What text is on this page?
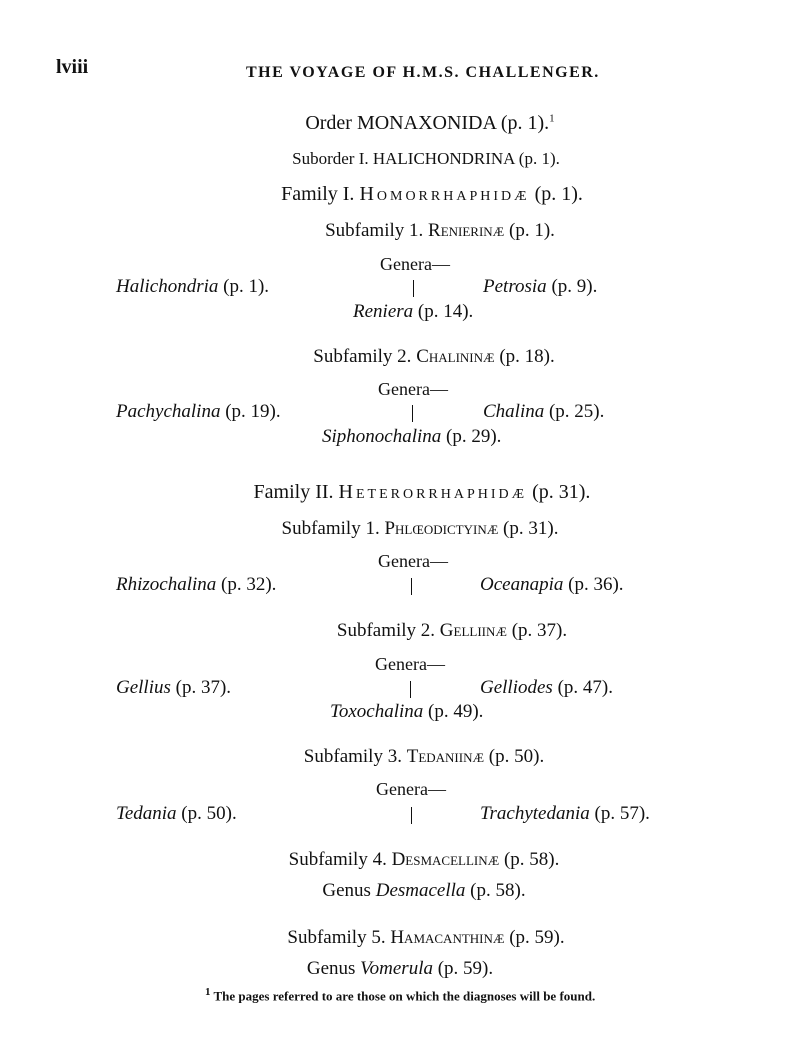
lviii	THE VOYAGE OF H.M.S. CHALLENGER.
Order MONAXONIDA (p. 1).$^1$
Suborder I. HALICHONDRINA (p. 1).
Family I. Homorrhaphidæ (p. 1).
Subfamily 1. Renierinæ (p. 1).
Genera—
Halichondria (p. 1).	Petrosia (p. 9).
Reniera (p. 14).
Subfamily 2. Chalininæ (p. 18).
Genera—
Pachychalina (p. 19).	Chalina (p. 25).
Siphonochalina (p. 29).
Family II. Heterorrhaphidæ (p. 31).
Subfamily 1. Phlœodictyinæ (p. 31).
Genera—
Rhizochalina (p. 32).	Oceanapia (p. 36).
Subfamily 2. Gelliinæ (p. 37).
Genera—
Gellius (p. 37).	Gelliodes (p. 47).
Toxochalina (p. 49).
Subfamily 3. Tedaniinæ (p. 50).
Genera—
Tedania (p. 50).	Trachytedania (p. 57).
Subfamily 4. Desmacellinæ (p. 58).
Genus Desmacella (p. 58).
Subfamily 5. Hamacanthinæ (p. 59).
Genus Vomerula (p. 59).
$^1$ The pages referred to are those on which the diagnoses will be found.
